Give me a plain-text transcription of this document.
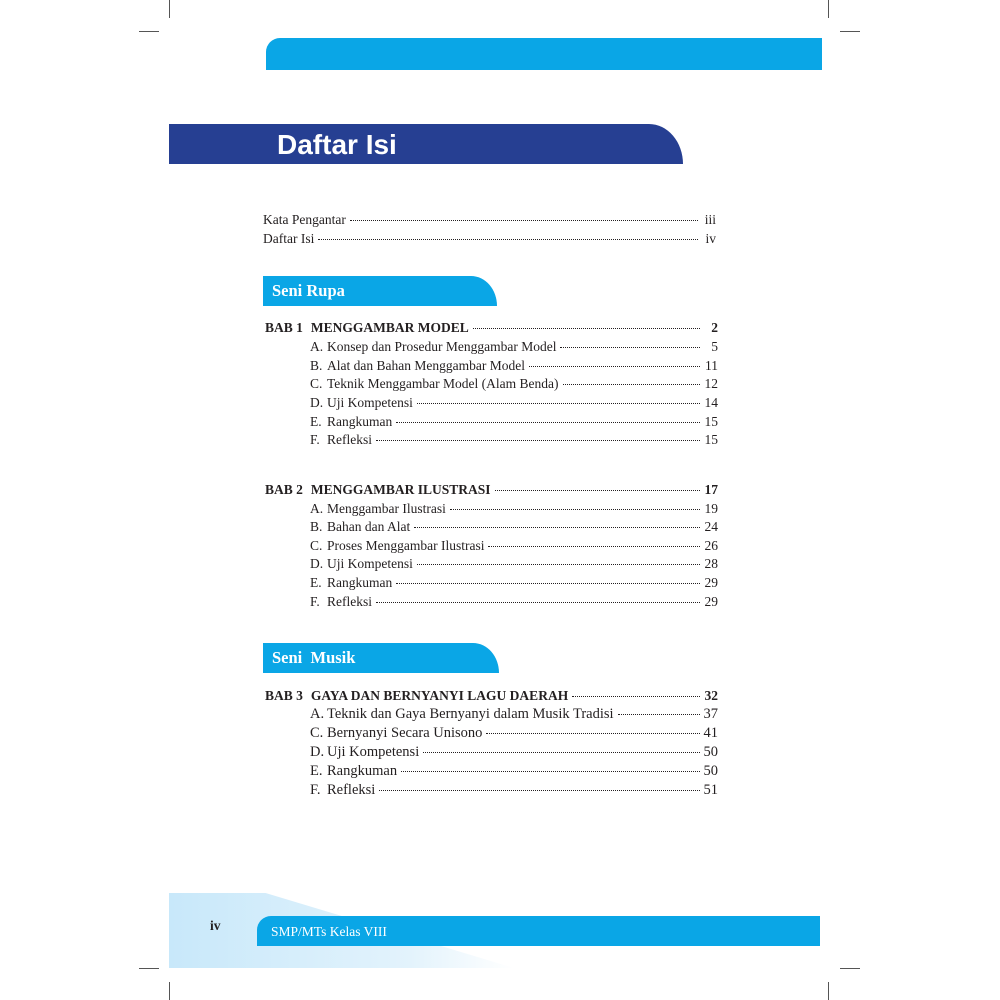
Daftar Isi
Kata Pengantar	iii
Daftar Isi	iv
Seni Rupa
BAB 1 MENGGAMBAR MODEL	2
A. Konsep dan Prosedur Menggambar Model	5
B. Alat dan Bahan Menggambar Model	11
C. Teknik Menggambar Model (Alam Benda)	12
D. Uji Kompetensi	14
E. Rangkuman	15
F. Refleksi	15
BAB 2 MENGGAMBAR ILUSTRASI	17
A. Menggambar Ilustrasi	19
B. Bahan dan Alat	24
C. Proses Menggambar Ilustrasi	26
D. Uji Kompetensi	28
E. Rangkuman	29
F. Refleksi	29
Seni  Musik
BAB 3 GAYA DAN BERNYANYI LAGU DAERAH	32
A. Teknik dan Gaya Bernyanyi dalam Musik Tradisi	37
C. Bernyanyi Secara Unisono	41
D. Uji Kompetensi	50
E. Rangkuman	50
F. Refleksi	51
iv	SMP/MTs Kelas VIII
